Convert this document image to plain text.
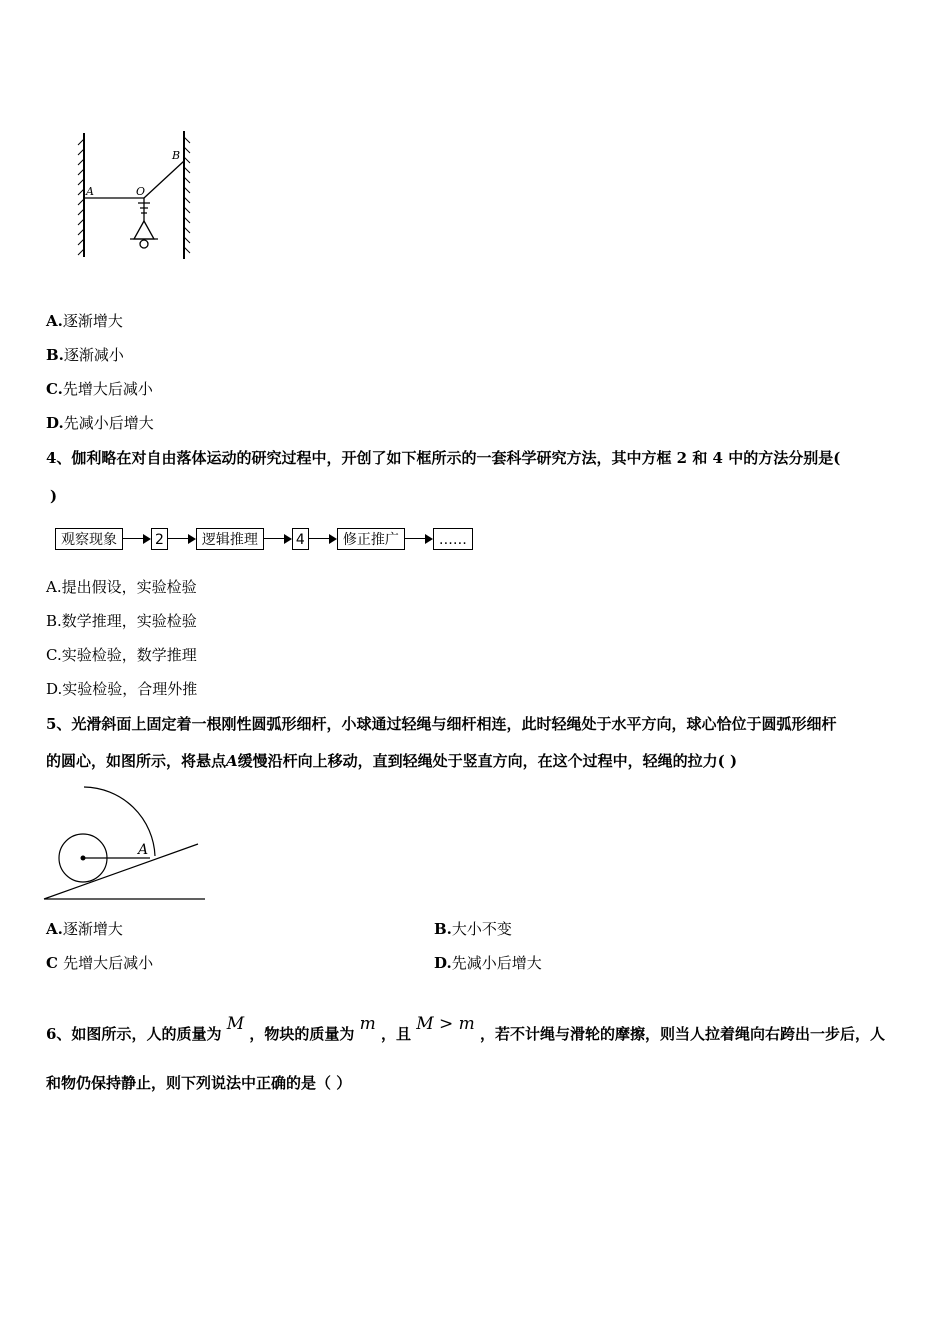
A	O
B
A.逐渐增大
B.逐渐减小
C.先增大后减小
D.先减小后增大
4、伽利略在对自由落体运动的研究过程中，开创了如下框所示的一套科学研究方法，其中方框 2 和 4 中的方法分别是(
)
观察现象	2	逻辑推理	4	修正推广	……
A.提出假设，实验检验
B.数学推理，实验检验
C.实验检验，数学推理
D.实验检验，合理外推
5、光滑斜面上固定着一根刚性圆弧形细杆，小球通过轻绳与细杆相连，此时轻绳处于水平方向，球心恰位于圆弧形细杆
的圆心，如图所示，将悬点A缓慢沿杆向上移动，直到轻绳处于竖直方向，在这个过程中，轻绳的拉力( )
A
A.逐渐增大	B.大小不变
C 先增大后减小	D.先减小后增大
6、如图所示，人的质量为 M ，物块的质量为 m ，且 M > m ，若不计绳与滑轮的摩擦，则当人拉着绳向右跨出一步后，人
和物仍保持静止，则下列说法中正确的是（ ）
